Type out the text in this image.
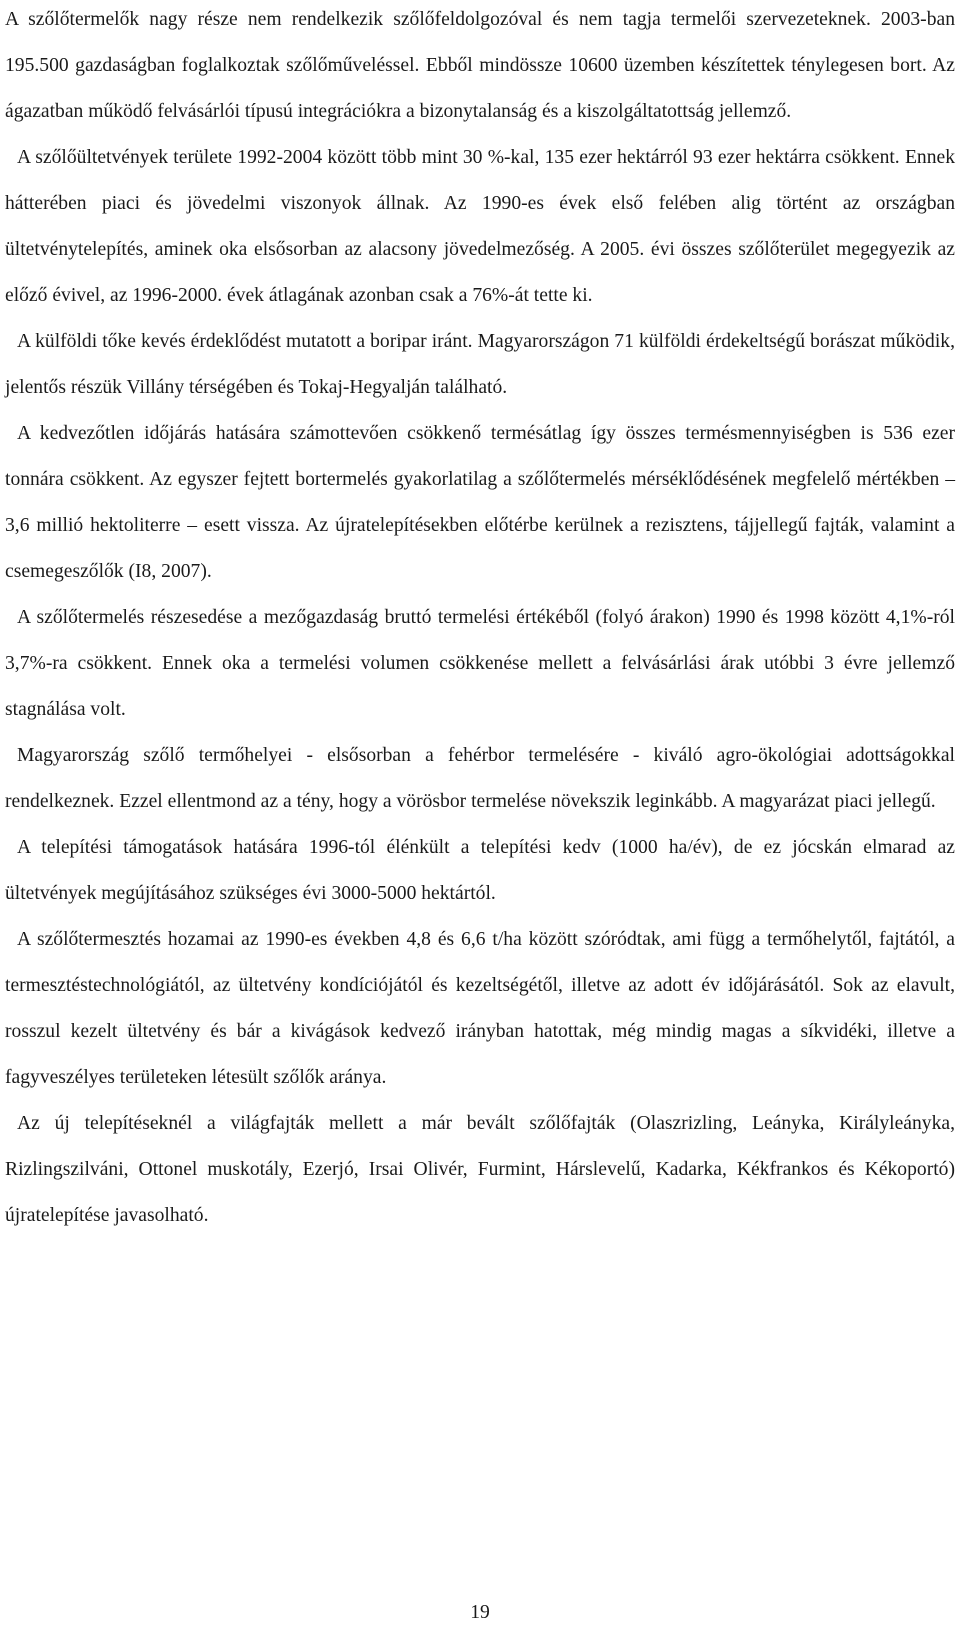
A szőlőtermelők nagy része nem rendelkezik szőlőfeldolgozóval és nem tagja termelői szervezeteknek. 2003-ban 195.500 gazdaságban foglalkoztak szőlőműveléssel. Ebből mindössze 10600 üzemben készítettek ténylegesen bort. Az ágazatban működő felvásárlói típusú integrációkra a bizonytalanság és a kiszolgáltatottság jellemző.

A szőlőültetvények területe 1992-2004 között több mint 30 %-kal, 135 ezer hektárról 93 ezer hektárra csökkent. Ennek hátterében piaci és jövedelmi viszonyok állnak. Az 1990-es évek első felében alig történt az országban ültetvénytelepítés, aminek oka elsősorban az alacsony jövedelmezőség. A 2005. évi összes szőlőterület megegyezik az előző évivel, az 1996-2000. évek átlagának azonban csak a 76%-át tette ki.

A külföldi tőke kevés érdeklődést mutatott a boripar iránt. Magyarországon 71 külföldi érdekeltségű borászat működik, jelentős részük Villány térségében és Tokaj-Hegyalján található.

A kedvezőtlen időjárás hatására számottevően csökkenő termésátlag így összes termésmennyiségben is 536 ezer tonnára csökkent. Az egyszer fejtett bortermelés gyakorlatilag a szőlőtermelés mérséklődésének megfelelő mértékben – 3,6 millió hektoliterre – esett vissza. Az újratelepítésekben előtérbe kerülnek a rezisztens, tájjellegű fajták, valamint a csemegeszőlők (I8, 2007).

A szőlőtermelés részesedése a mezőgazdaság bruttó termelési értékéből (folyó árakon) 1990 és 1998 között 4,1%-ról 3,7%-ra csökkent. Ennek oka a termelési volumen csökkenése mellett a felvásárlási árak utóbbi 3 évre jellemző stagnálása volt.

Magyarország szőlő termőhelyei - elsősorban a fehérbor termelésére - kiváló agro-ökológiai adottságokkal rendelkeznek. Ezzel ellentmond az a tény, hogy a vörösbor termelése növekszik leginkább. A magyarázat piaci jellegű.

A telepítési támogatások hatására 1996-tól élénkült a telepítési kedv (1000 ha/év), de ez jócskán elmarad az ültetvények megújításához szükséges évi 3000-5000 hektártól.

A szőlőtermesztés hozamai az 1990-es években 4,8 és 6,6 t/ha között szóródtak, ami függ a termőhelytől, fajtától, a termesztéstechnológiától, az ültetvény kondíciójától és kezeltségétől, illetve az adott év időjárásától. Sok az elavult, rosszul kezelt ültetvény és bár a kivágások kedvező irányban hatottak, még mindig magas a síkvidéki, illetve a fagyveszélyes területeken létesült szőlők aránya.

Az új telepítéseknél a világfajták mellett a már bevált szőlőfajták (Olaszrizling, Leányka, Királyleányka, Rizlingszilváni, Ottonel muskotály, Ezerjó, Irsai Olivér, Furmint, Hárslevelű, Kadarka, Kékfrankos és Kékoportó) újratelepítése javasolható.

19
